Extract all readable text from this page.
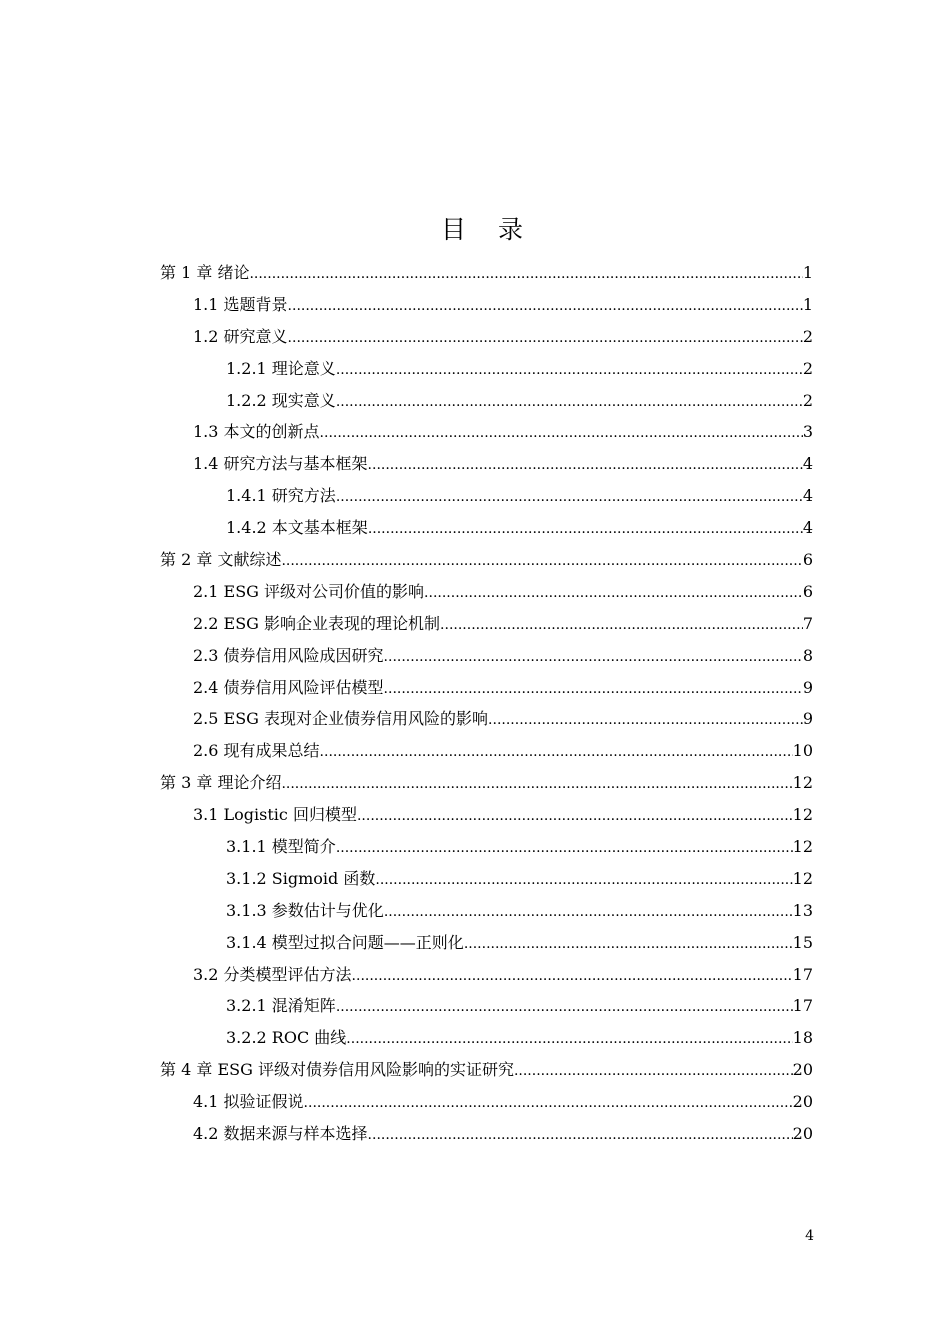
目 录
第 1 章 绪论 .....	1
1.1 选题背景 .....	1
1.2 研究意义 .....	2
1.2.1 理论意义 .....	2
1.2.2 现实意义 .....	2
1.3 本文的创新点 .....	3
1.4 研究方法与基本框架 .....	4
1.4.1 研究方法 .....	4
1.4.2 本文基本框架 .....	4
第 2 章 文献综述 .....	6
2.1 ESG 评级对公司价值的影响 .....	6
2.2 ESG 影响企业表现的理论机制 .....	7
2.3 债券信用风险成因研究 .....	8
2.4 债券信用风险评估模型 .....	9
2.5 ESG 表现对企业债券信用风险的影响 .....	9
2.6 现有成果总结 .....	10
第 3 章 理论介绍 .....	12
3.1 Logistic 回归模型 .....	12
3.1.1 模型简介 .....	12
3.1.2 Sigmoid 函数 .....	12
3.1.3 参数估计与优化 .....	13
3.1.4 模型过拟合问题——正则化 .....	15
3.2 分类模型评估方法 .....	17
3.2.1 混淆矩阵 .....	17
3.2.2 ROC 曲线 .....	18
第 4 章 ESG 评级对债券信用风险影响的实证研究 .....	20
4.1 拟验证假说 .....	20
4.2 数据来源与样本选择 .....	20
4
